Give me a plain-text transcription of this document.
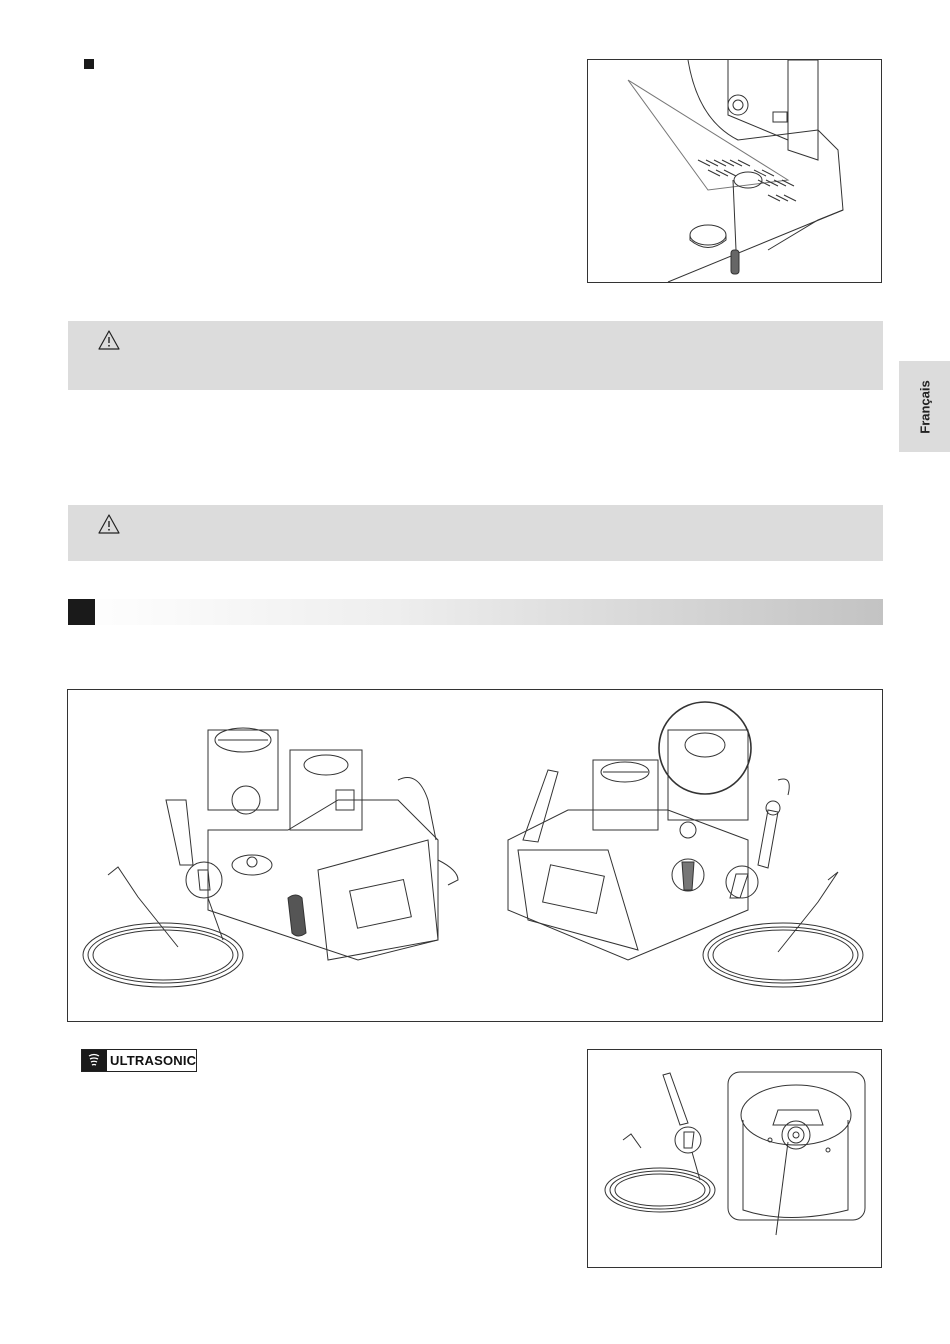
Français
ULTRASONIC
